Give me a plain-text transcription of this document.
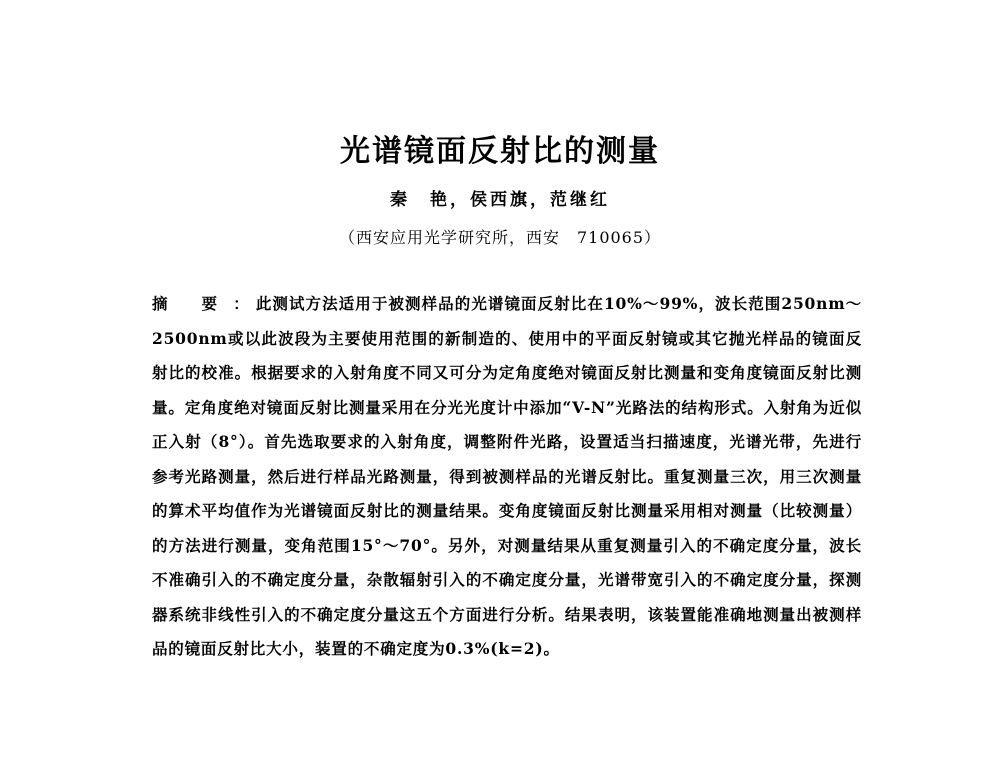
光谱镜面反射比的测量
秦　艳，侯西旗，范继红
（西安应用光学研究所，西安　710065）
摘 要 ： 此测试方法适用于被测样品的光谱镜面反射比在10%～99%，波长范围250nm～2500nm或以此波段为主要使用范围的新制造的、使用中的平面反射镜或其它抛光样品的镜面反射比的校准。根据要求的入射角度不同又可分为定角度绝对镜面反射比测量和变角度镜面反射比测量。定角度绝对镜面反射比测量采用在分光光度计中添加“V-N”光路法的结构形式。入射角为近似正入射（8°）。首先选取要求的入射角度，调整附件光路，设置适当扫描速度，光谱光带，先进行参考光路测量，然后进行样品光路测量，得到被测样品的光谱反射比。重复测量三次，用三次测量的算术平均值作为光谱镜面反射比的测量结果。变角度镜面反射比测量采用相对测量（比较测量）的方法进行测量，变角范围15°～70°。另外，对测量结果从重复测量引入的不确定度分量，波长不准确引入的不确定度分量，杂散辐射引入的不确定度分量，光谱带宽引入的不确定度分量，探测器系统非线性引入的不确定度分量这五个方面进行分析。结果表明，该装置能准确地测量出被测样品的镜面反射比大小，装置的不确定度为0.3%(k=2)。
